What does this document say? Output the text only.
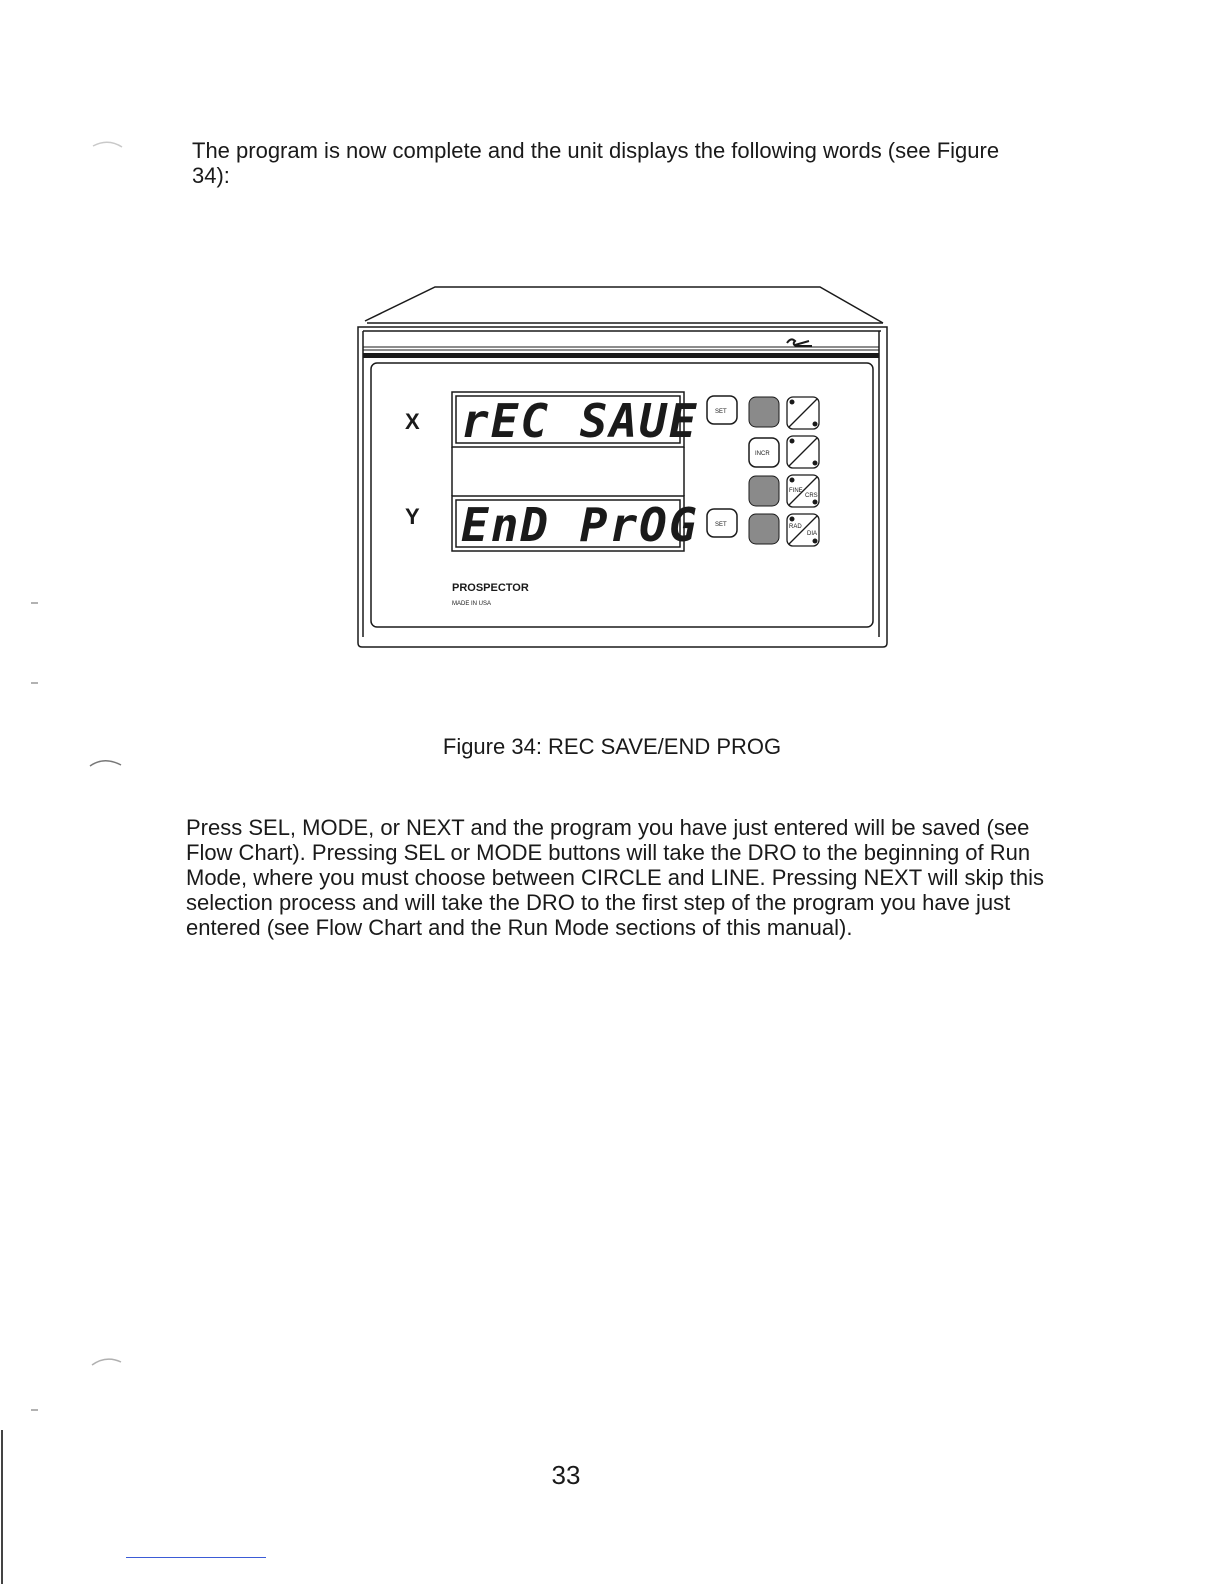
The program is now complete and the unit displays the following words (see Figure 34):

FINE
CRS
RAD
DIA
X
Y
rEC SAUE
EnD PrOG
SET
SET
INCR
PROSPECTOR
MADE IN USA
Figure 34: REC SAVE/END PROG

Press SEL, MODE, or NEXT and the program you have just entered will be saved (see Flow Chart). Pressing SEL or MODE buttons will take the DRO to the beginning of Run Mode, where you must choose between CIRCLE and LINE. Pressing NEXT will skip this selection process and will take the DRO to the first step of the program you have just entered (see Flow Chart and the Run Mode sections of this manual).

33
